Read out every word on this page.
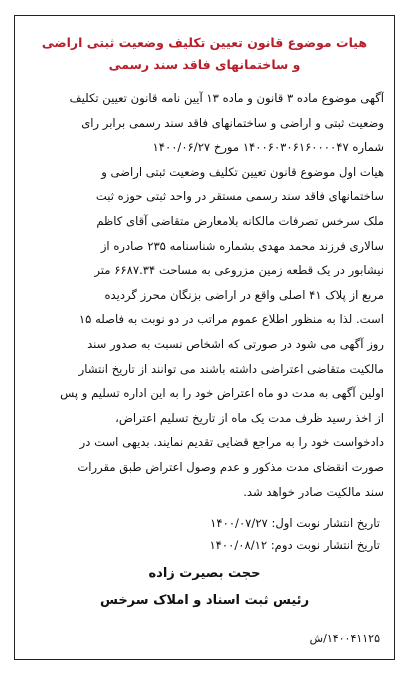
هیات موضوع قانون تعیین تکلیف وضعیت ثبتی اراضی
و ساختمانهای فاقد سند رسمی
آگهی موضوع ماده ۳ قانون و ماده ۱۳ آیین نامه قانون تعیین تکلیف
وضعیت ثبتی و اراضی و ساختمانهای فاقد سند رسمی برابر رای
شماره ۱۴۰۰۶۰۳۰۶۱۶۰۰۰۰۴۷ مورخ ۱۴۰۰/۰۶/۲۷
هیات اول موضوع قانون تعیین تکلیف وضعیت ثبتی اراضی و
ساختمانهای فاقد سند رسمی مستقر در واحد ثبتی حوزه ثبت
ملک سرخس تصرفات مالکانه بلامعارض متقاضی آقای کاظم
سالاری فرزند محمد مهدی بشماره شناسنامه ۲۳۵ صادره از
نیشابور در یک قطعه زمین مزروعی به مساحت ۶۶۸۷.۳۴ متر
مربع از پلاک ۴۱ اصلی واقع در اراضی بزنگان محرز گردیده
است. لذا به منظور اطلاع عموم مراتب در دو نوبت به فاصله ۱۵
روز آگهی می شود در صورتی که اشخاص نسبت به صدور سند
مالکیت متقاضی اعتراضی داشته باشند می توانند از تاریخ انتشار
اولین آگهی به مدت دو ماه اعتراض خود را به این اداره تسلیم و پس
از اخذ رسید ظرف مدت یک ماه از تاریخ تسلیم اعتراض،
دادخواست خود را به مراجع قضایی تقدیم نمایند. بدیهی است در
صورت انقضای مدت مذکور و عدم وصول اعتراض طبق مقررات
سند مالکیت صادر خواهد شد.
تاریخ انتشار نوبت اول: ۱۴۰۰/۰۷/۲۷
تاریخ انتشار نوبت دوم: ۱۴۰۰/۰۸/۱۲
حجت بصیرت زاده
رئیس ثبت اسناد و املاک سرخس
۱۴۰۰۴۱۱۲۵/ش
